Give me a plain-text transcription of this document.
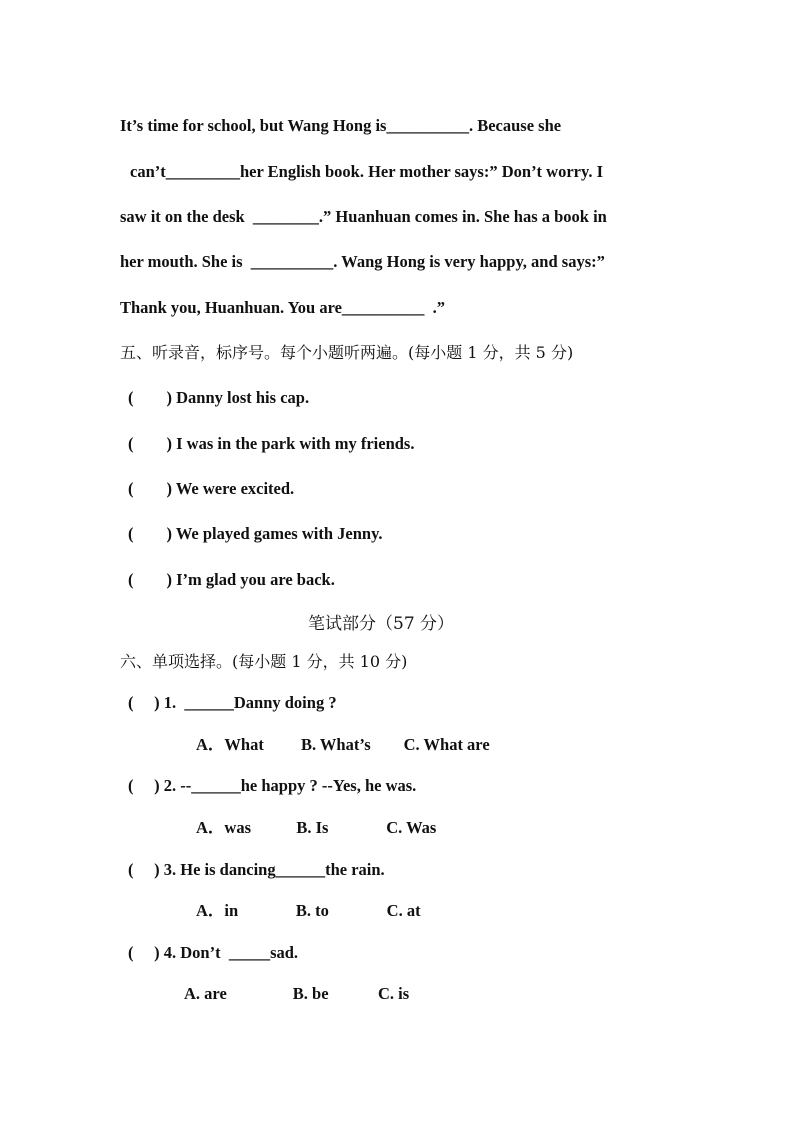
It’s time for school, but Wang Hong is__________. Because she
can’t_________her English book. Her mother says:” Don’t worry. I
saw it on the desk  ________.” Huanhuan comes in. She has a book in
her mouth. She is  __________. Wang Hong is very happy, and says:”
Thank you, Huanhuan. You are__________  .”
五、听录音，标序号。每个小题听两遍。(每小题 1 分，共 5 分)
(        ) Danny lost his cap.
(        ) I was in the park with my friends.
(        ) We were excited.
(        ) We played games with Jenny.
(        ) I’m glad you are back.
笔试部分（57 分）
六、单项选择。(每小题 1 分，共 10 分)
(     ) 1.  ______Danny doing ?
A．What         B. What’s        C. What are
(     ) 2. --______he happy ? --Yes, he was.
A．was           B. Is              C. Was
(     ) 3. He is dancing______the rain.
A．in              B. to              C. at
(     ) 4. Don’t  _____sad.
A. are                B. be            C. is
